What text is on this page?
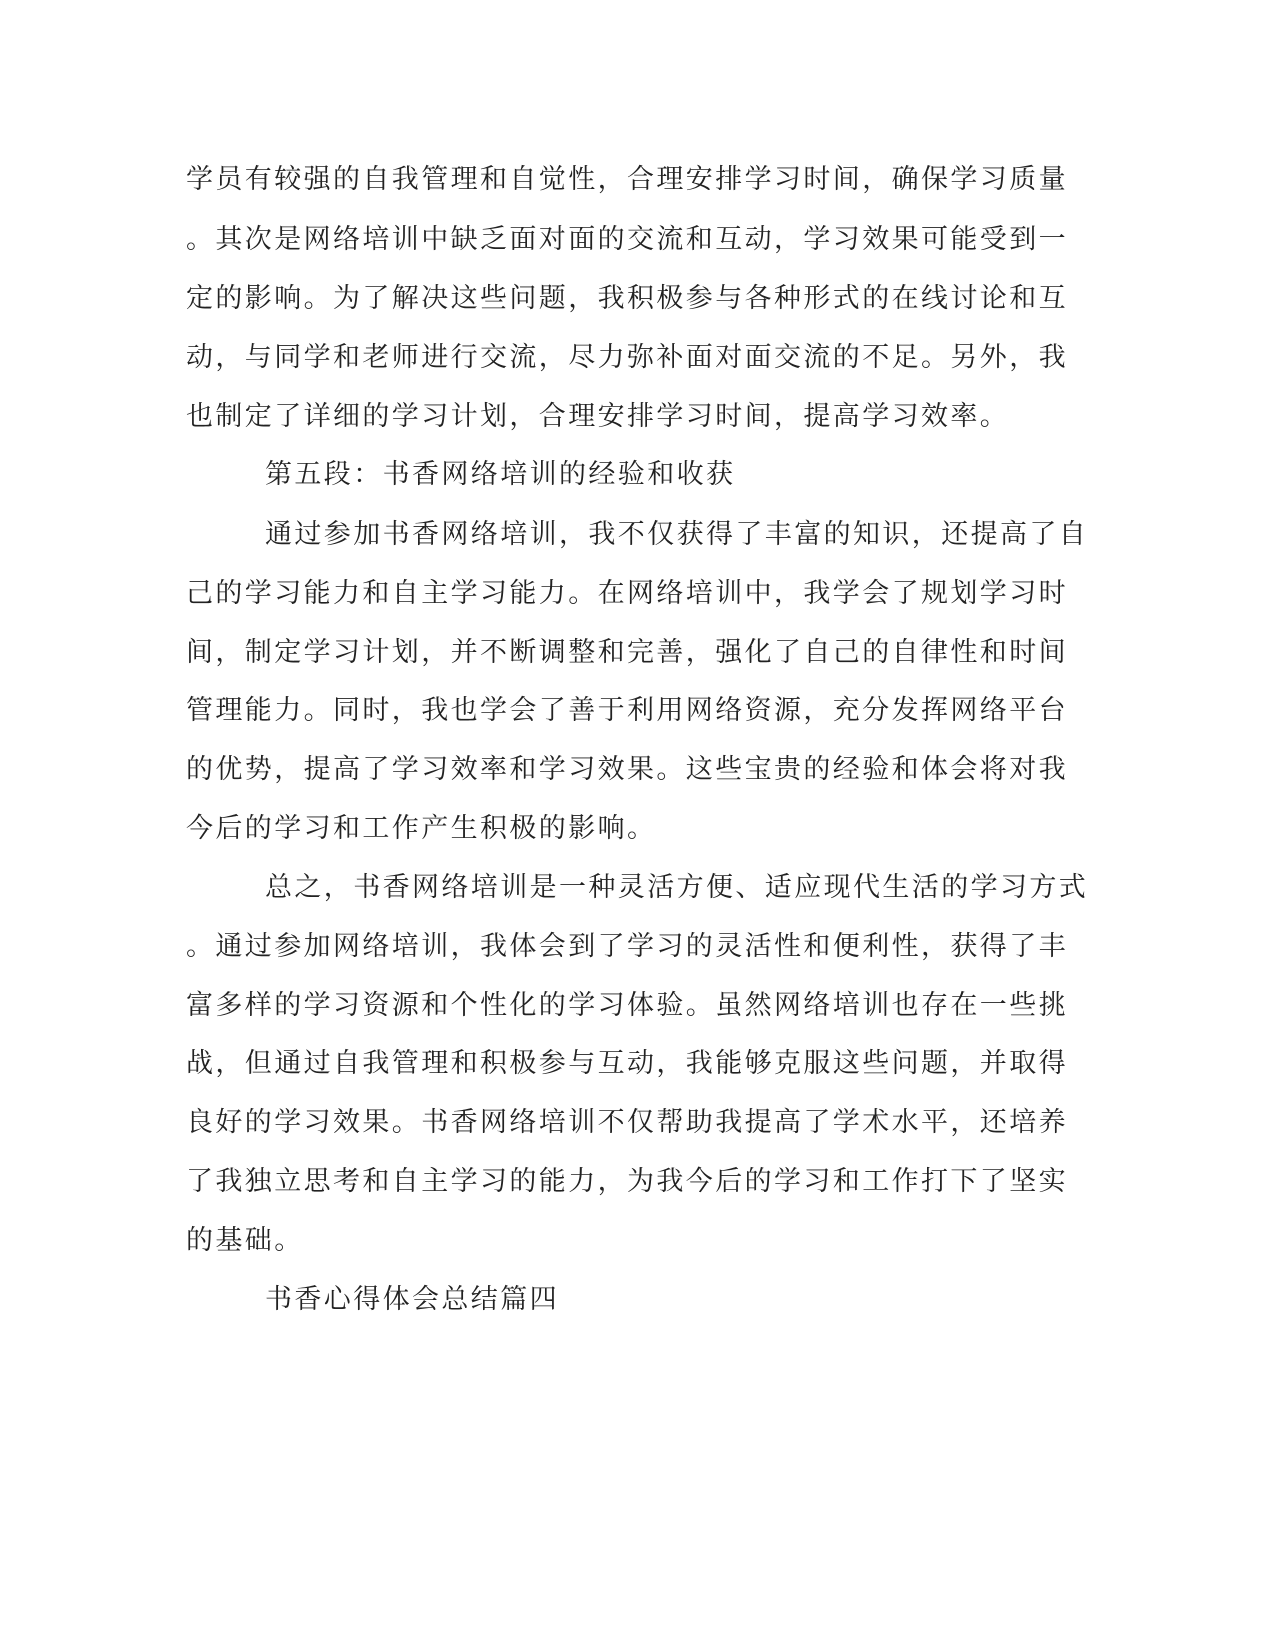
学员有较强的自我管理和自觉性，合理安排学习时间，确保学习质量
。其次是网络培训中缺乏面对面的交流和互动，学习效果可能受到一
定的影响。为了解决这些问题，我积极参与各种形式的在线讨论和互
动，与同学和老师进行交流，尽力弥补面对面交流的不足。另外，我
也制定了详细的学习计划，合理安排学习时间，提高学习效率。
第五段：书香网络培训的经验和收获
通过参加书香网络培训，我不仅获得了丰富的知识，还提高了自
己的学习能力和自主学习能力。在网络培训中，我学会了规划学习时
间，制定学习计划，并不断调整和完善，强化了自己的自律性和时间
管理能力。同时，我也学会了善于利用网络资源，充分发挥网络平台
的优势，提高了学习效率和学习效果。这些宝贵的经验和体会将对我
今后的学习和工作产生积极的影响。
总之，书香网络培训是一种灵活方便、适应现代生活的学习方式
。通过参加网络培训，我体会到了学习的灵活性和便利性，获得了丰
富多样的学习资源和个性化的学习体验。虽然网络培训也存在一些挑
战，但通过自我管理和积极参与互动，我能够克服这些问题，并取得
良好的学习效果。书香网络培训不仅帮助我提高了学术水平，还培养
了我独立思考和自主学习的能力，为我今后的学习和工作打下了坚实
的基础。
书香心得体会总结篇四
